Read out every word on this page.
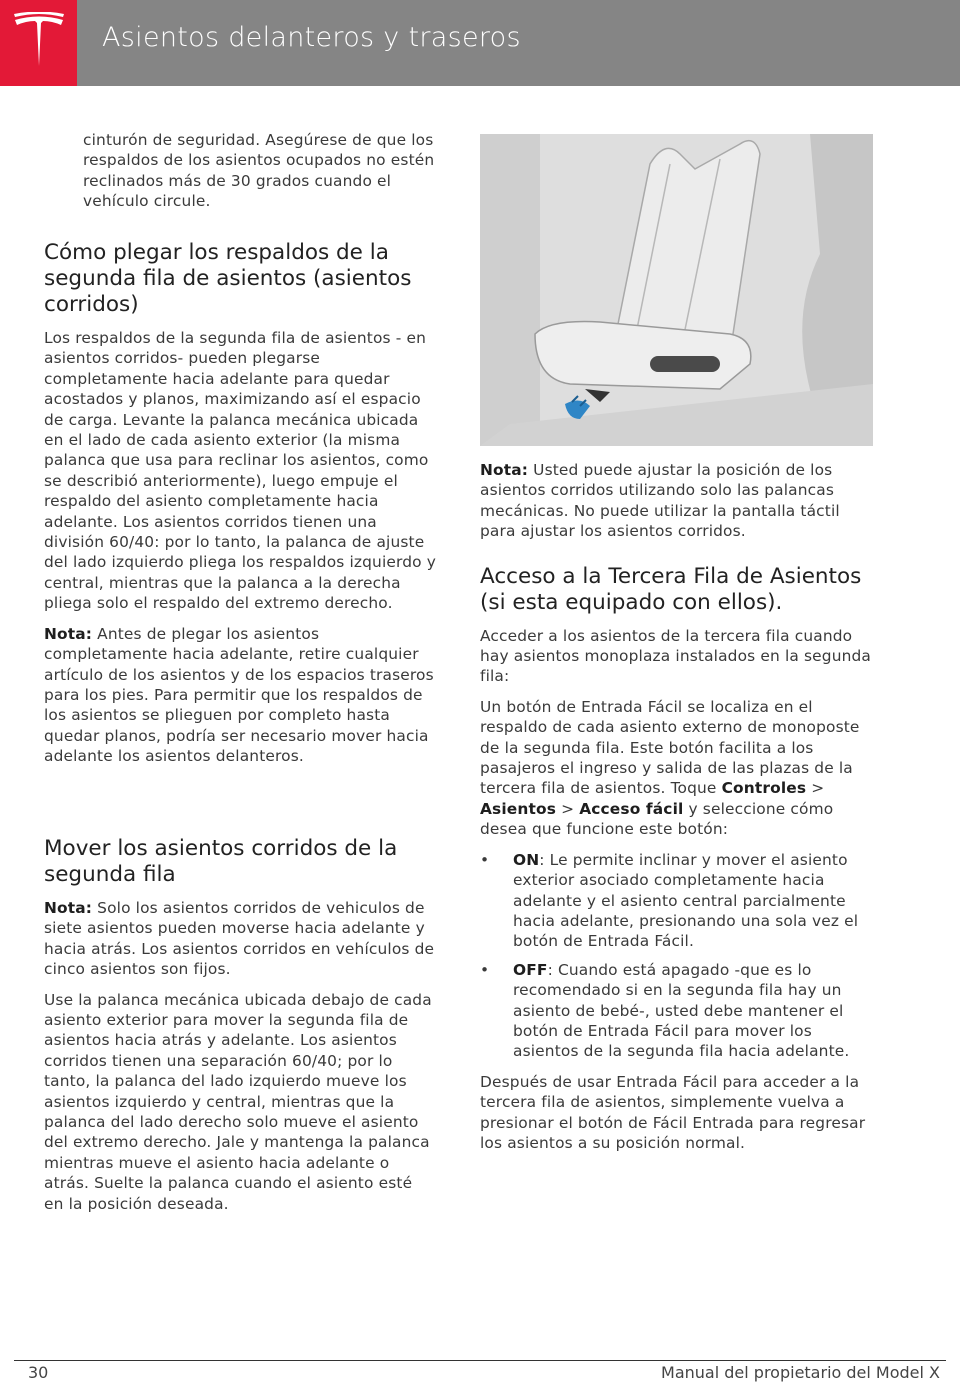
Asientos delanteros y traseros

cinturón de seguridad. Asegúrese de que los respaldos de los asientos ocupados no estén reclinados más de 30 grados cuando el vehículo circule.

Cómo plegar los respaldos de la segunda fila de asientos (asientos corridos)

Los respaldos de la segunda fila de asientos - en asientos corridos- pueden plegarse completamente hacia adelante para quedar acostados y planos, maximizando así el espacio de carga. Levante la palanca mecánica ubicada en el lado de cada asiento exterior (la misma palanca que usa para reclinar los asientos, como se describió anteriormente), luego empuje el respaldo del asiento completamente hacia adelante. Los asientos corridos tienen una división 60/40: por lo tanto, la palanca de ajuste del lado izquierdo pliega los respaldos izquierdo y central, mientras que la palanca a la derecha pliega solo el respaldo del extremo derecho.

Nota: Antes de plegar los asientos completamente hacia adelante, retire cualquier artículo de los asientos y de los espacios traseros para los pies. Para permitir que los respaldos de los asientos se plieguen por completo hasta quedar planos, podría ser necesario mover hacia adelante los asientos delanteros.

Mover los asientos corridos de la segunda fila

Nota: Solo los asientos corridos de vehiculos de siete asientos pueden moverse hacia adelante y hacia atrás. Los asientos corridos en vehículos de cinco asientos son fijos.

Use la palanca mecánica ubicada debajo de cada asiento exterior para mover la segunda fila de asientos hacia atrás y adelante. Los asientos corridos tienen una separación 60/40; por lo tanto, la palanca del lado izquierdo mueve los asientos izquierdo y central, mientras que la palanca del lado derecho solo mueve el asiento del extremo derecho. Jale y mantenga la palanca mientras mueve el asiento hacia adelante o atrás. Suelte la palanca cuando el asiento esté en la posición deseada.

Nota: Usted puede ajustar la posición de los asientos corridos utilizando solo las palancas mecánicas. No puede utilizar la pantalla táctil para ajustar los asientos corridos.

Acceso a la Tercera Fila de Asientos (si esta equipado con ellos).

Acceder a los asientos de la tercera fila cuando hay asientos monoplaza instalados en la segunda fila:

Un botón de Entrada Fácil se localiza en el respaldo de cada asiento externo de monoposte de la segunda fila. Este botón facilita a los pasajeros el ingreso y salida de las plazas de la tercera fila de asientos. Toque Controles > Asientos > Acceso fácil y seleccione cómo desea que funcione este botón:

• ON: Le permite inclinar y mover el asiento exterior asociado completamente hacia adelante y el asiento central parcialmente hacia adelante, presionando una sola vez el botón de Entrada Fácil.
• OFF: Cuando está apagado -que es lo recomendado si en la segunda fila hay un asiento de bebé-, usted debe mantener el botón de Entrada Fácil para mover los asientos de la segunda fila hacia adelante.

Después de usar Entrada Fácil para acceder a la tercera fila de asientos, simplemente vuelva a presionar el botón de Fácil Entrada para regresar los asientos a su posición normal.

30	Manual del propietario del Model X
